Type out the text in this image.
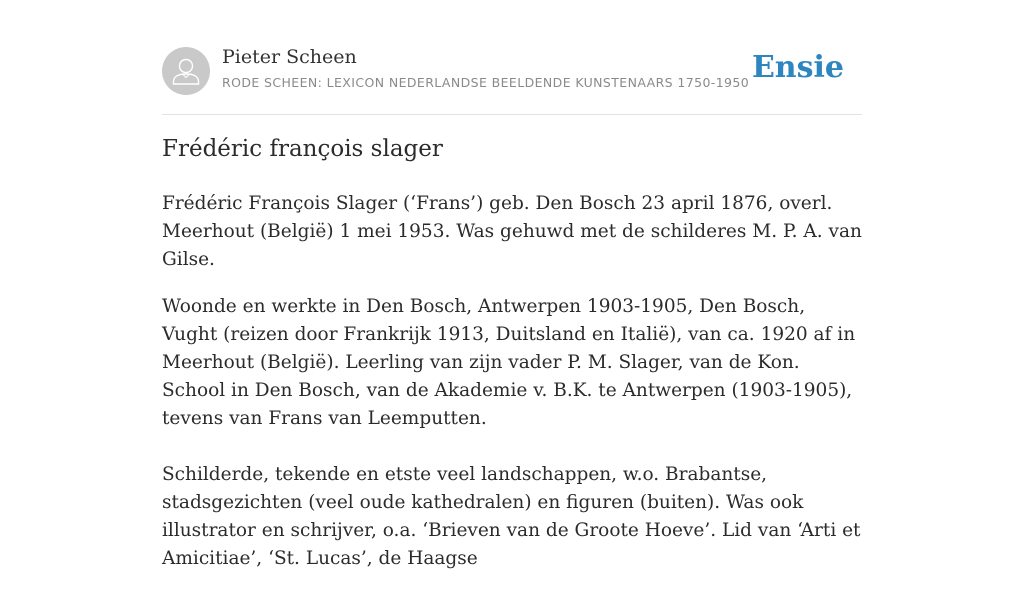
Pieter Scheen
RODE SCHEEN: LEXICON NEDERLANDSE BEELDENDE KUNSTENAARS 1750-1950 Ensie
Frédéric françois slager

Frédéric François Slager (‘Frans’) geb. Den Bosch 23 april 1876, overl. Meerhout (België) 1 mei 1953. Was gehuwd met de schilderes M. P. A. van Gilse.

Woonde en werkte in Den Bosch, Antwerpen 1903-1905, Den Bosch, Vught (reizen door Frankrijk 1913, Duitsland en Italië), van ca. 1920 af in Meerhout (België). Leerling van zijn vader P. M. Slager, van de Kon. School in Den Bosch, van de Akademie v. B.K. te Antwerpen (1903-1905), tevens van Frans van Leemputten.

Schilderde, tekende en etste veel landschappen, w.o. Brabantse, stadsgezichten (veel oude kathedralen) en figuren (buiten). Was ook illustrator en schrijver, o.a. ‘Brieven van de Groote Hoeve’. Lid van ‘Arti et Amicitiae’, ‘St. Lucas’, de Haagse
